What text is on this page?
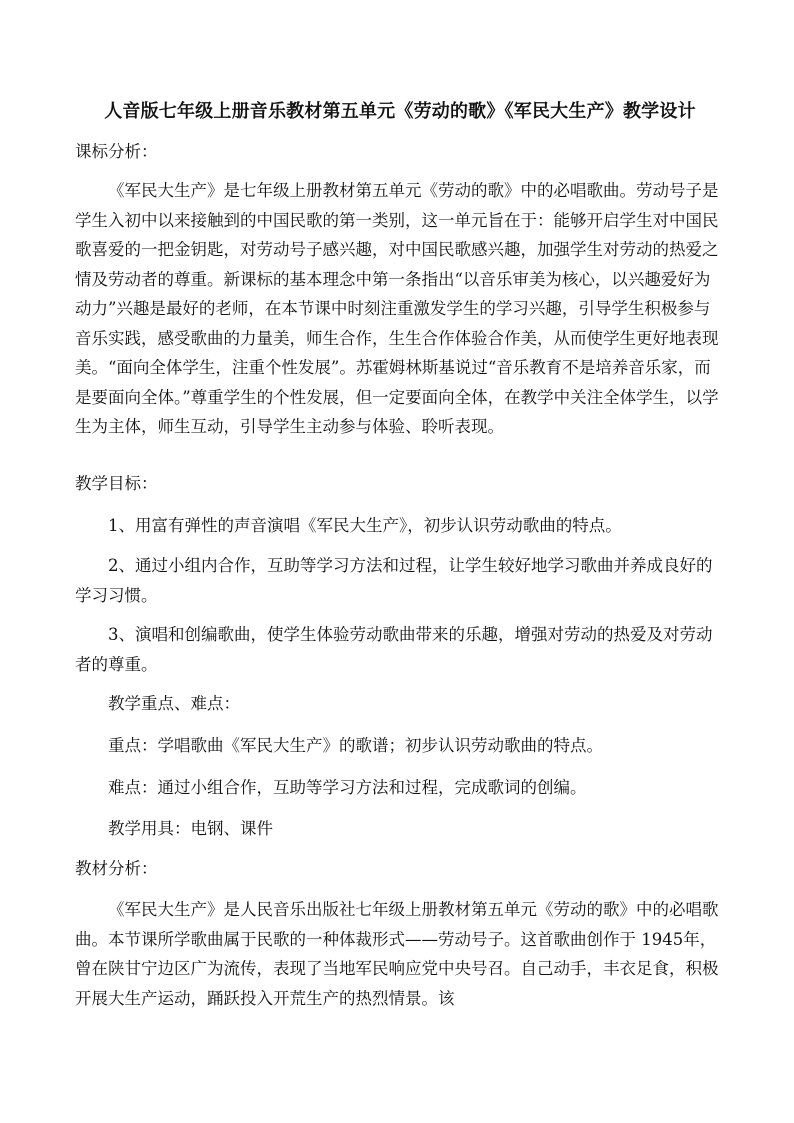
人音版七年级上册音乐教材第五单元《劳动的歌》《军民大生产》教学设计
课标分析：
《军民大生产》是七年级上册教材第五单元《劳动的歌》中的必唱歌曲。劳动号子是学生入初中以来接触到的中国民歌的第一类别，这一单元旨在于：能够开启学生对中国民歌喜爱的一把金钥匙，对劳动号子感兴趣，对中国民歌感兴趣，加强学生对劳动的热爱之情及劳动者的尊重。新课标的基本理念中第一条指出“以音乐审美为核心，以兴趣爱好为动力”兴趣是最好的老师，在本节课中时刻注重激发学生的学习兴趣，引导学生积极参与音乐实践，感受歌曲的力量美，师生合作，生生合作体验合作美，从而使学生更好地表现美。“面向全体学生，注重个性发展”。苏霍姆林斯基说过“音乐教育不是培养音乐家，而是要面向全体。”尊重学生的个性发展，但一定要面向全体，在教学中关注全体学生，以学生为主体，师生互动，引导学生主动参与体验、聆听表现。
教学目标：
1、用富有弹性的声音演唱《军民大生产》，初步认识劳动歌曲的特点。
2、通过小组内合作，互助等学习方法和过程，让学生较好地学习歌曲并养成良好的学习习惯。
3、演唱和创编歌曲，使学生体验劳动歌曲带来的乐趣，增强对劳动的热爱及对劳动者的尊重。
教学重点、难点：
重点：学唱歌曲《军民大生产》的歌谱；初步认识劳动歌曲的特点。
难点：通过小组合作，互助等学习方法和过程，完成歌词的创编。
教学用具：电钢、课件
教材分析：
《军民大生产》是人民音乐出版社七年级上册教材第五单元《劳动的歌》中的必唱歌曲。本节课所学歌曲属于民歌的一种体裁形式——劳动号子。这首歌曲创作于 1945年，曾在陕甘宁边区广为流传，表现了当地军民响应党中央号召。自己动手，丰衣足食，积极开展大生产运动，踊跃投入开荒生产的热烈情景。该
